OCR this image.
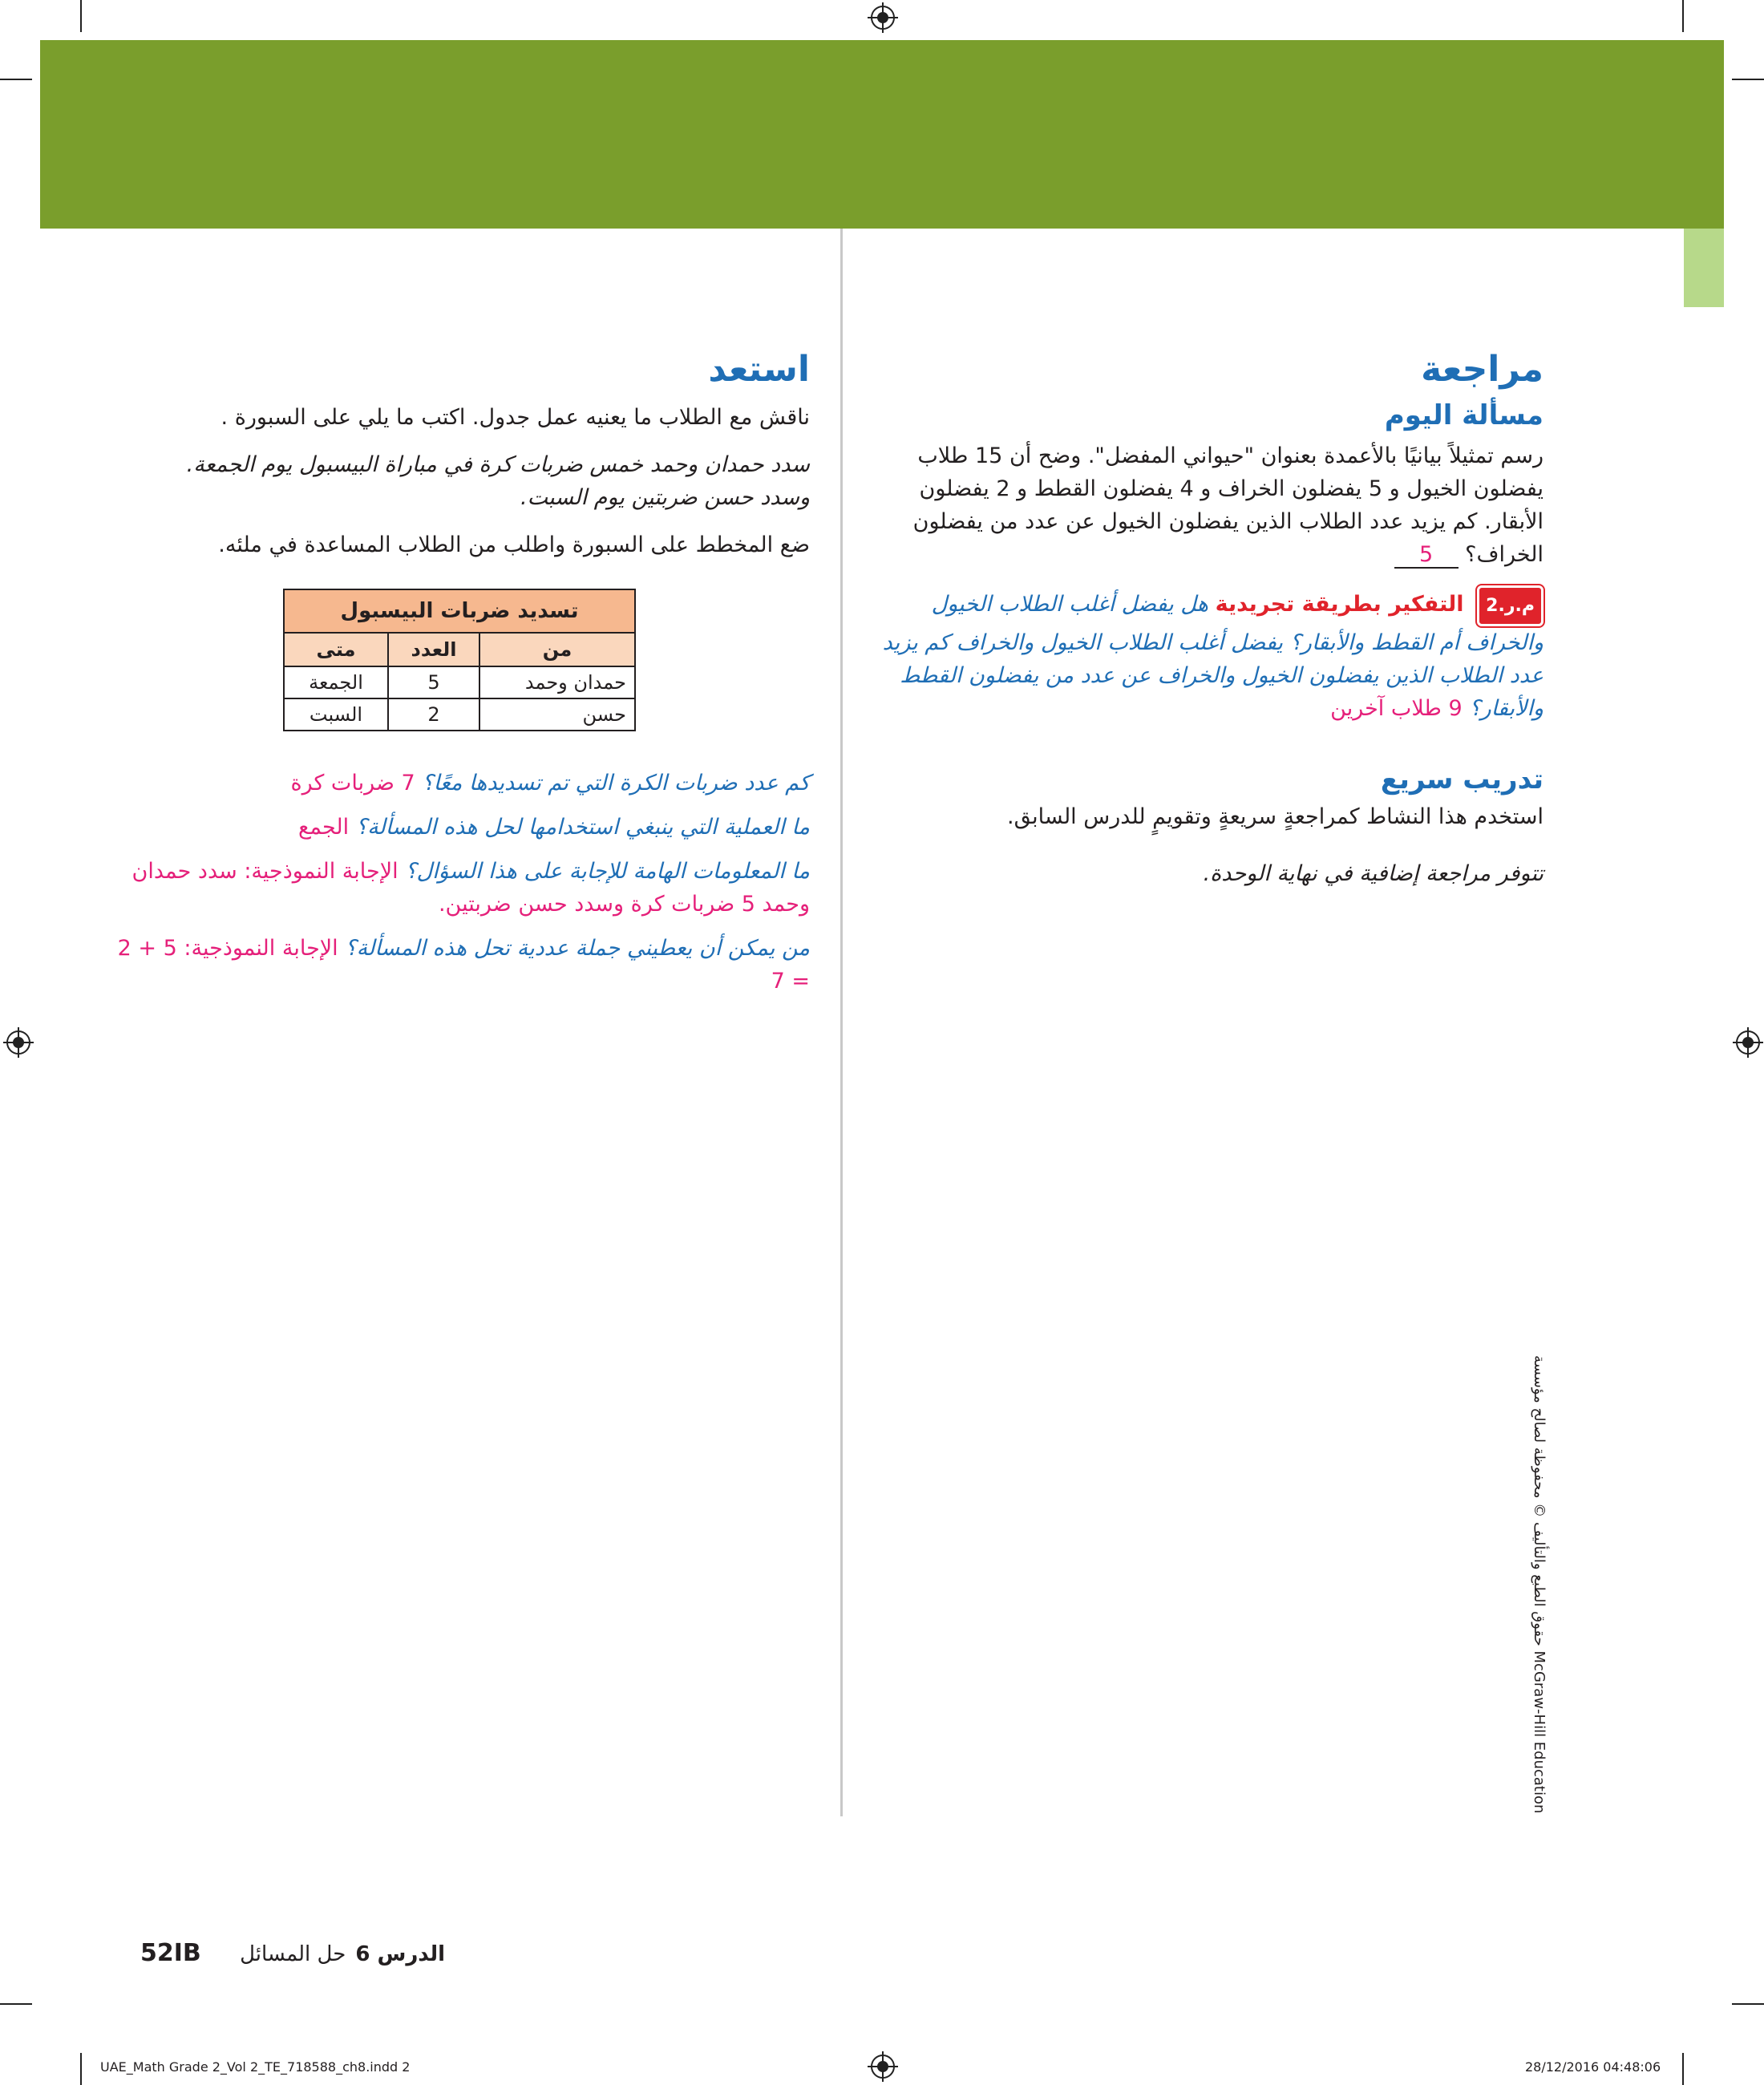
مراجعة
مسألة اليوم

رسم تمثيلاً بيانيًا بالأعمدة بعنوان "حيواني المفضل". وضح أن 15 طلاب

يفضلون الخيول و 5 يفضلون الخراف و 4 يفضلون القطط و 2 يفضلون

الأبقار. كم يزيد عدد الطلاب الذين يفضلون الخيول عن عدد من يفضلون

الخراف؟ 5

م.ر.2 التفكير بطريقة تجريدية هل يفضل أغلب الطلاب الخيول والخراف أم القطط والأبقار؟ يفضل أغلب الطلاب الخيول والخراف كم يزيد عدد الطلاب الذين يفضلون الخيول والخراف عن عدد من يفضلون القطط والأبقار؟ 9 طلاب آخرين
تدريب سريع

استخدم هذا النشاط كمراجعةٍ سريعةٍ وتقويمٍ للدرس السابق.

تتوفر مراجعة إضافية في نهاية الوحدة.

استعد

ناقش مع الطلاب ما يعنيه عمل جدول. اكتب ما يلي على السبورة .

سدد حمدان وحمد خمس ضربات كرة في مباراة البيسبول يوم الجمعة.

وسدد حسن ضربتين يوم السبت.

ضع المخطط على السبورة واطلب من الطلاب المساعدة في ملئه.

تسديد ضربات البيسبول		
من	العدد	متى
حمدان وحمد	5	الجمعة
حسن	2	السبت
كم عدد ضربات الكرة التي تم تسديدها معًا؟ 7 ضربات كرة
ما العملية التي ينبغي استخدامها لحل هذه المسألة؟ الجمع
ما المعلومات الهامة للإجابة على هذا السؤال؟ الإجابة النموذجية: سدد حمدان وحمد 5 ضربات كرة وسدد حسن ضربتين.
من يمكن أن يعطيني جملة عددية تحل هذه المسألة؟ الإجابة النموذجية: 5 + 2 = 7
حقوق الطبع والتأليف © محفوظة لصالح مؤسسة McGraw-Hill Education
الدرس 6
حل المسائل
52IB
UAE_Math Grade 2_Vol 2_TE_718588_ch8.indd 2	28/12/2016 04:48:06
